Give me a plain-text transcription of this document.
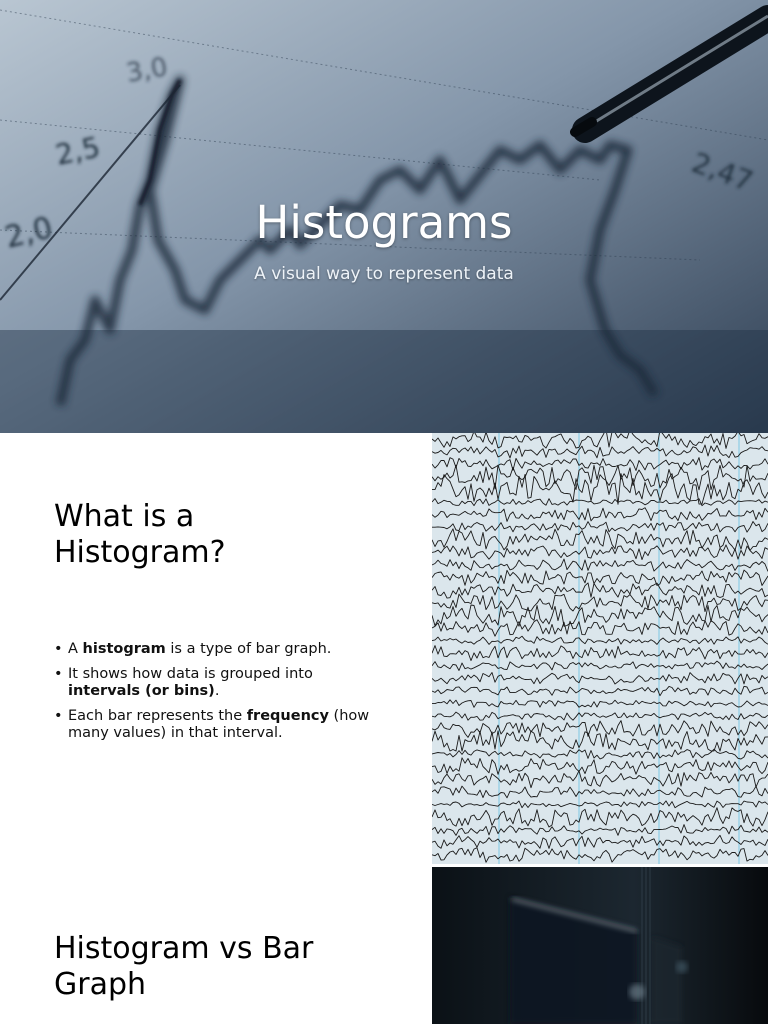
2,0
2,5
3,0
2,47
Histograms
A visual way to represent data
What is a Histogram?
• A histogram is a type of bar graph.
• It shows how data is grouped into intervals (or bins).
• Each bar represents the frequency (how many values) in that interval.
Histogram vs Bar Graph
